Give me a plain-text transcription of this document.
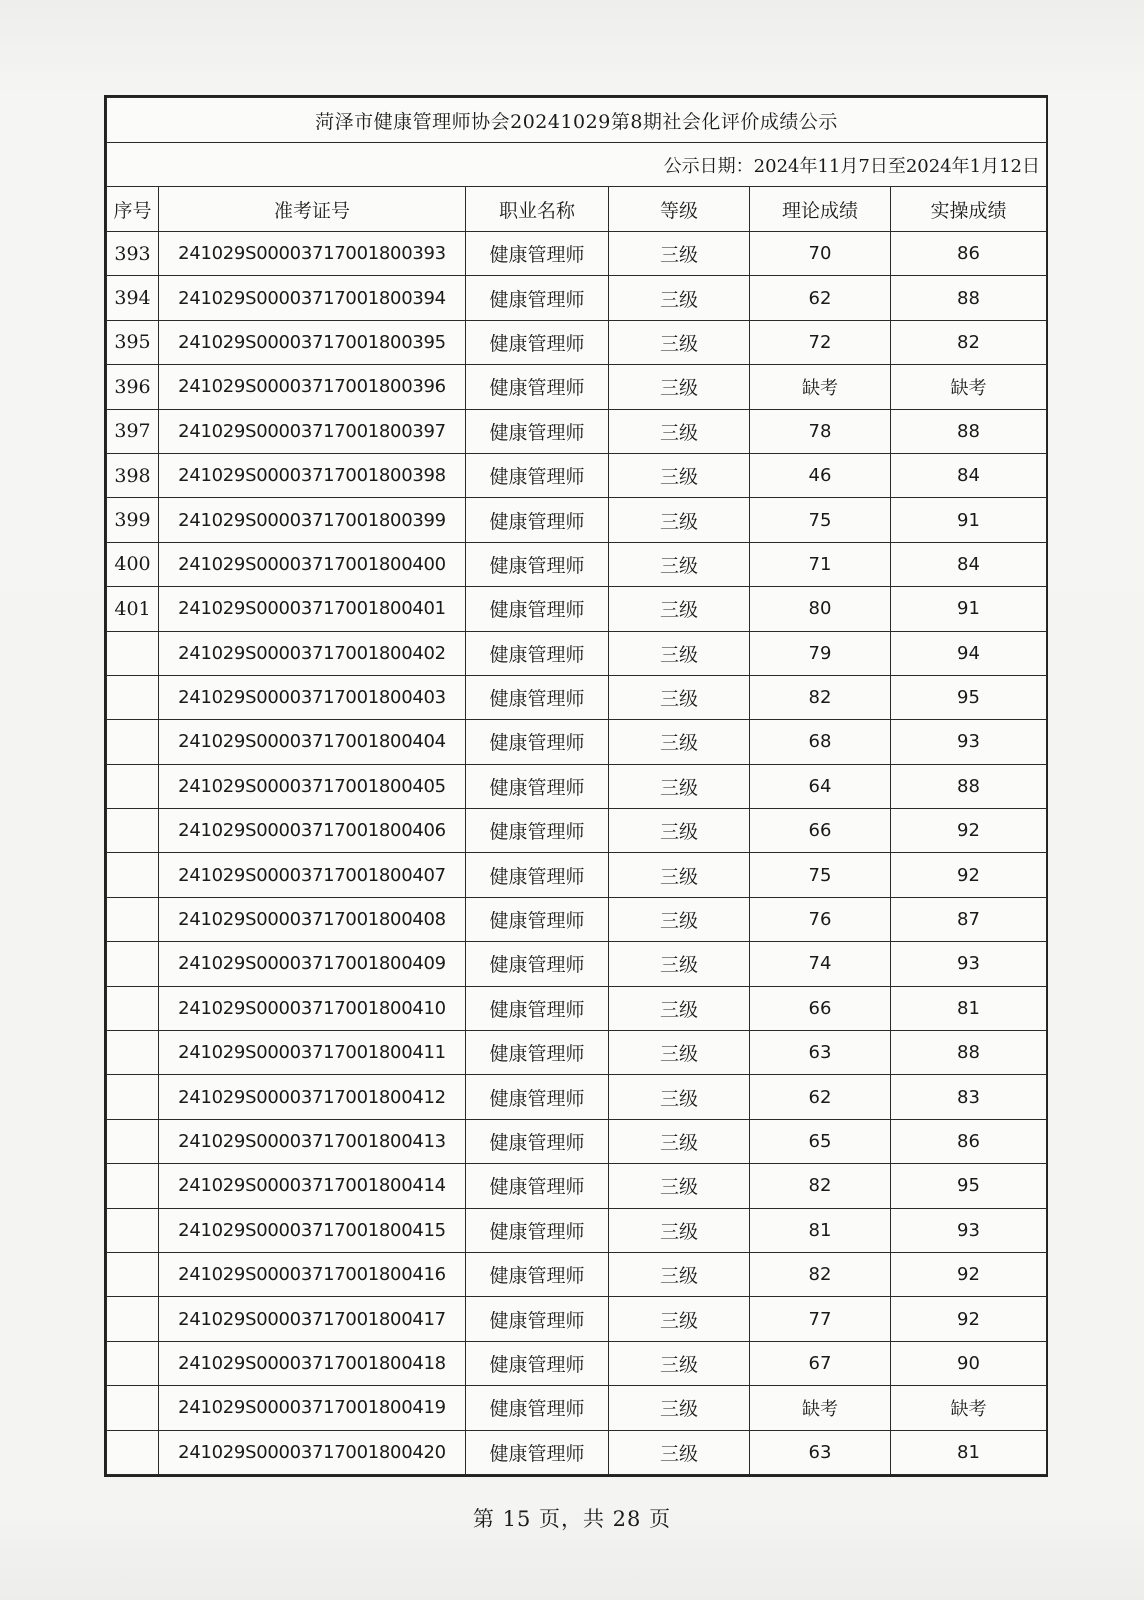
菏泽市健康管理师协会20241029第8期社会化评价成绩公示					
公示日期：2024年11月7日至2024年1月12日					
序号	准考证号	职业名称	等级	理论成绩	实操成绩
393	241029S00003717001800393	健康管理师	三级	70	86
394	241029S00003717001800394	健康管理师	三级	62	88
395	241029S00003717001800395	健康管理师	三级	72	82
396	241029S00003717001800396	健康管理师	三级	缺考	缺考
397	241029S00003717001800397	健康管理师	三级	78	88
398	241029S00003717001800398	健康管理师	三级	46	84
399	241029S00003717001800399	健康管理师	三级	75	91
400	241029S00003717001800400	健康管理师	三级	71	84
401	241029S00003717001800401	健康管理师	三级	80	91
	241029S00003717001800402	健康管理师	三级	79	94
	241029S00003717001800403	健康管理师	三级	82	95
	241029S00003717001800404	健康管理师	三级	68	93
	241029S00003717001800405	健康管理师	三级	64	88
	241029S00003717001800406	健康管理师	三级	66	92
	241029S00003717001800407	健康管理师	三级	75	92
	241029S00003717001800408	健康管理师	三级	76	87
	241029S00003717001800409	健康管理师	三级	74	93
	241029S00003717001800410	健康管理师	三级	66	81
	241029S00003717001800411	健康管理师	三级	63	88
	241029S00003717001800412	健康管理师	三级	62	83
	241029S00003717001800413	健康管理师	三级	65	86
	241029S00003717001800414	健康管理师	三级	82	95
	241029S00003717001800415	健康管理师	三级	81	93
	241029S00003717001800416	健康管理师	三级	82	92
	241029S00003717001800417	健康管理师	三级	77	92
	241029S00003717001800418	健康管理师	三级	67	90
	241029S00003717001800419	健康管理师	三级	缺考	缺考
	241029S00003717001800420	健康管理师	三级	63	81
第 15 页，共 28 页
